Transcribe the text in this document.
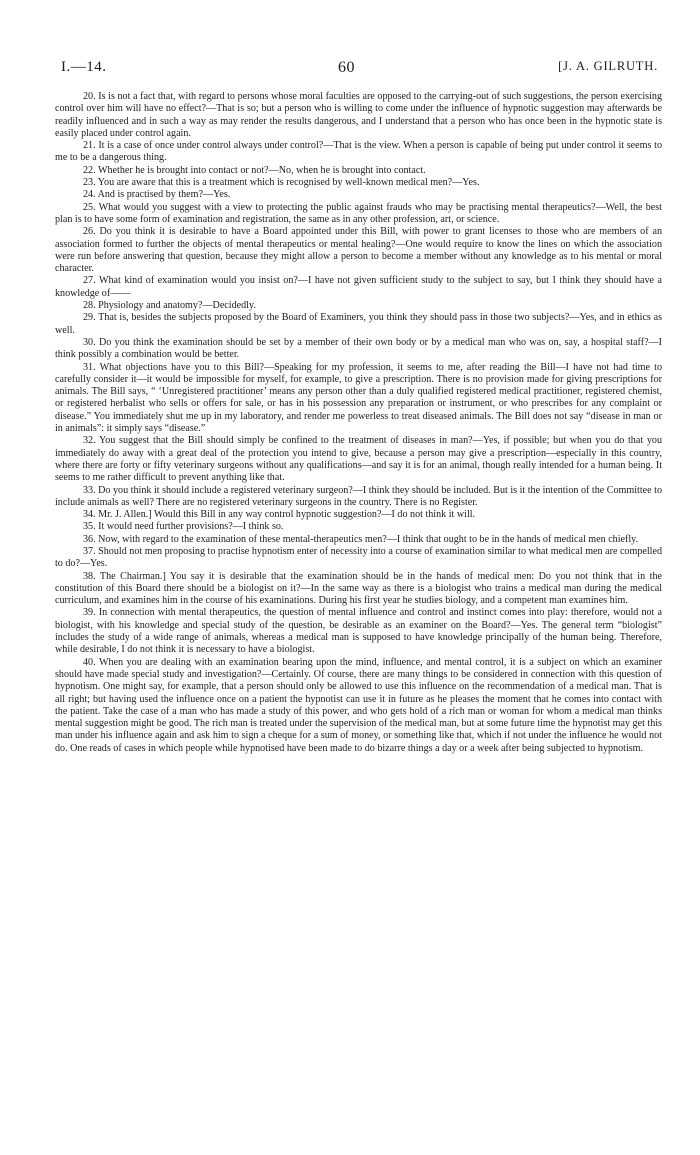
I.—14.	60	[J. A. GILRUTH.

20. Is is not a fact that, with regard to persons whose moral faculties are opposed to the carrying-out of such suggestions, the person exercising control over him will have no effect?—That is so; but a person who is willing to come under the influence of hypnotic suggestion may afterwards be readily influenced and in such a way as may render the results dangerous, and I understand that a person who has once been in the hypnotic state is easily placed under control again.

21. It is a case of once under control always under control?—That is the view. When a person is capable of being put under control it seems to me to be a dangerous thing.

22. Whether he is brought into contact or not?—No, when he is brought into contact.

23. You are aware that this is a treatment which is recognised by well-known medical men?—Yes.

24. And is practised by them?—Yes.

25. What would you suggest with a view to protecting the public against frauds who may be practising mental therapeutics?—Well, the best plan is to have some form of examination and registration, the same as in any other profession, art, or science.

26. Do you think it is desirable to have a Board appointed under this Bill, with power to grant licenses to those who are members of an association formed to further the objects of mental therapeutics or mental healing?—One would require to know the lines on which the association were run before answering that question, because they might allow a person to become a member without any knowledge as to his mental or moral character.

27. What kind of examination would you insist on?—I have not given sufficient study to the subject to say, but I think they should have a knowledge of——

28. Physiology and anatomy?—Decidedly.

29. That is, besides the subjects proposed by the Board of Examiners, you think they should pass in those two subjects?—Yes, and in ethics as well.

30. Do you think the examination should be set by a member of their own body or by a medical man who was on, say, a hospital staff?—I think possibly a combination would be better.

31. What objections have you to this Bill?—Speaking for my profession, it seems to me, after reading the Bill—I have not had time to carefully consider it—it would be impossible for myself, for example, to give a prescription. There is no provision made for giving prescriptions for animals. The Bill says, “ ‘Unregistered practitioner’ means any person other than a duly qualified registered medical practitioner, registered chemist, or registered herbalist who sells or offers for sale, or has in his possession any preparation or instrument, or who prescribes for any complaint or disease.” You immediately shut me up in my laboratory, and render me powerless to treat diseased animals. The Bill does not say “disease in man or in animals”: it simply says “disease.”

32. You suggest that the Bill should simply be confined to the treatment of diseases in man?—Yes, if possible; but when you do that you immediately do away with a great deal of the protection you intend to give, because a person may give a prescription—especially in this country, where there are forty or fifty veterinary surgeons without any qualifications—and say it is for an animal, though really intended for a human being. It seems to me rather difficult to prevent anything like that.

33. Do you think it should include a registered veterinary surgeon?—I think they should be included. But is it the intention of the Committee to include animals as well? There are no registered veterinary surgeons in the country. There is no Register.

34. Mr. J. Allen.] Would this Bill in any way control hypnotic suggestion?—I do not think it will.

35. It would need further provisions?—I think so.

36. Now, with regard to the examination of these mental-therapeutics men?—I think that ought to be in the hands of medical men chiefly.

37. Should not men proposing to practise hypnotism enter of necessity into a course of examination similar to what medical men are compelled to do?—Yes.

38. The Chairman.] You say it is desirable that the examination should be in the hands of medical men: Do you not think that in the constitution of this Board there should be a biologist on it?—In the same way as there is a biologist who trains a medical man during the medical curriculum, and examines him in the course of his examinations. During his first year he studies biology, and a competent man examines him.

39. In connection with mental therapeutics, the question of mental influence and control and instinct comes into play: therefore, would not a biologist, with his knowledge and special study of the question, be desirable as an examiner on the Board?—Yes. The general term “biologist” includes the study of a wide range of animals, whereas a medical man is supposed to have knowledge principally of the human being. Therefore, while desirable, I do not think it is necessary to have a biologist.

40. When you are dealing with an examination bearing upon the mind, influence, and mental control, it is a subject on which an examiner should have made special study and investigation?—Certainly. Of course, there are many things to be considered in connection with this question of hypnotism. One might say, for example, that a person should only be allowed to use this influence on the recommendation of a medical man. That is all right; but having used the influence once on a patient the hypnotist can use it in future as he pleases the moment that he comes into contact with the patient. Take the case of a man who has made a study of this power, and who gets hold of a rich man or woman for whom a medical man thinks mental suggestion might be good. The rich man is treated under the supervision of the medical man, but at some future time the hypnotist may get this man under his influence again and ask him to sign a cheque for a sum of money, or something like that, which if not under the influence he would not do. One reads of cases in which people while hypnotised have been made to do bizarre things a day or a week after being subjected to hypnotism.
